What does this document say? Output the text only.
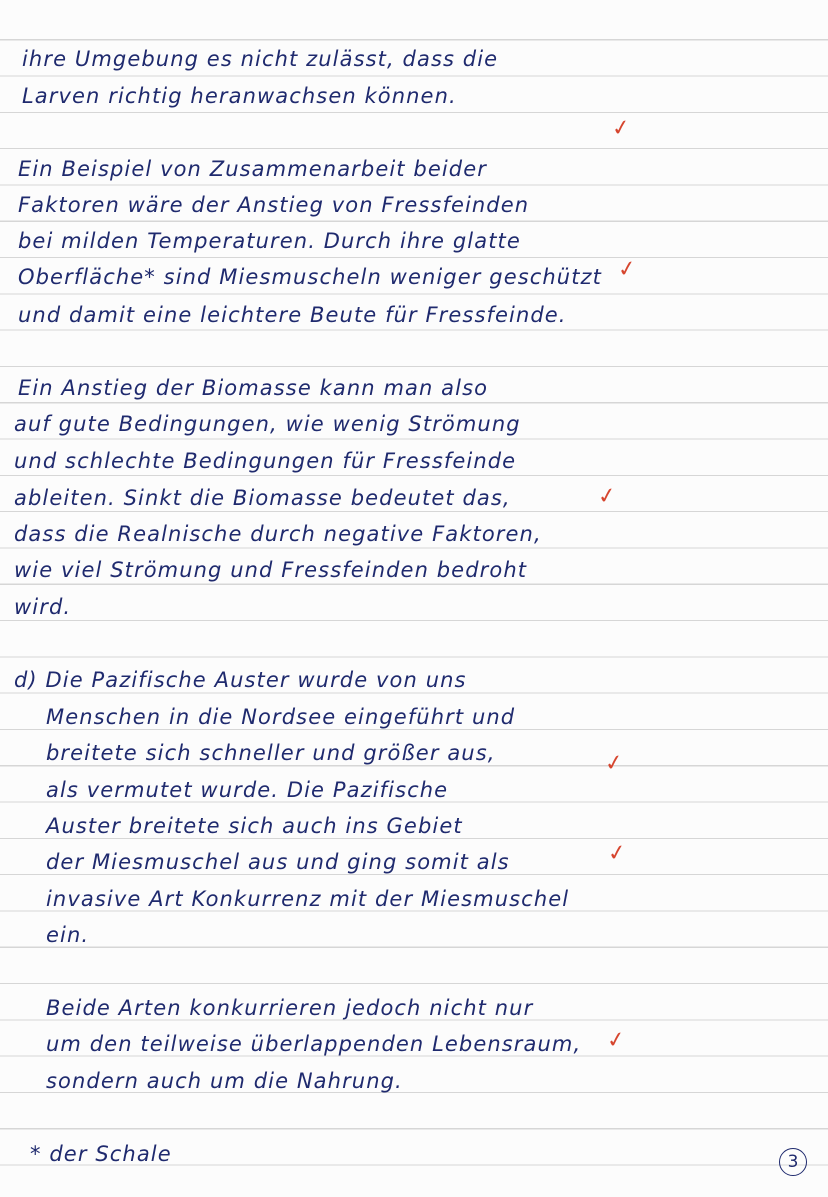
ihre Umgebung es nicht zulässt, dass die

Larven richtig heranwachsen können.

Ein Beispiel von Zusammenarbeit beider

Faktoren wäre der Anstieg von Fressfeinden

bei milden Temperaturen. Durch ihre glatte

Oberfläche* sind Miesmuscheln weniger geschützt

und damit eine leichtere Beute für Fressfeinde.

Ein Anstieg der Biomasse kann man also

auf gute Bedingungen, wie wenig Strömung

und schlechte Bedingungen für Fressfeinde

ableiten. Sinkt die Biomasse bedeutet das,

dass die Realnische durch negative Faktoren,

wie viel Strömung und Fressfeinden bedroht

wird.

d) Die Pazifische Auster wurde von uns

Menschen in die Nordsee eingeführt und

breitete sich schneller und größer aus,

als vermutet wurde. Die Pazifische

Auster breitete sich auch ins Gebiet

der Miesmuschel aus und ging somit als

invasive Art Konkurrenz mit der Miesmuschel

ein.

Beide Arten konkurrieren jedoch nicht nur

um den teilweise überlappenden Lebensraum,

sondern auch um die Nahrung.

* der Schale

✓
✓
✓
✓
✓
✓
3
